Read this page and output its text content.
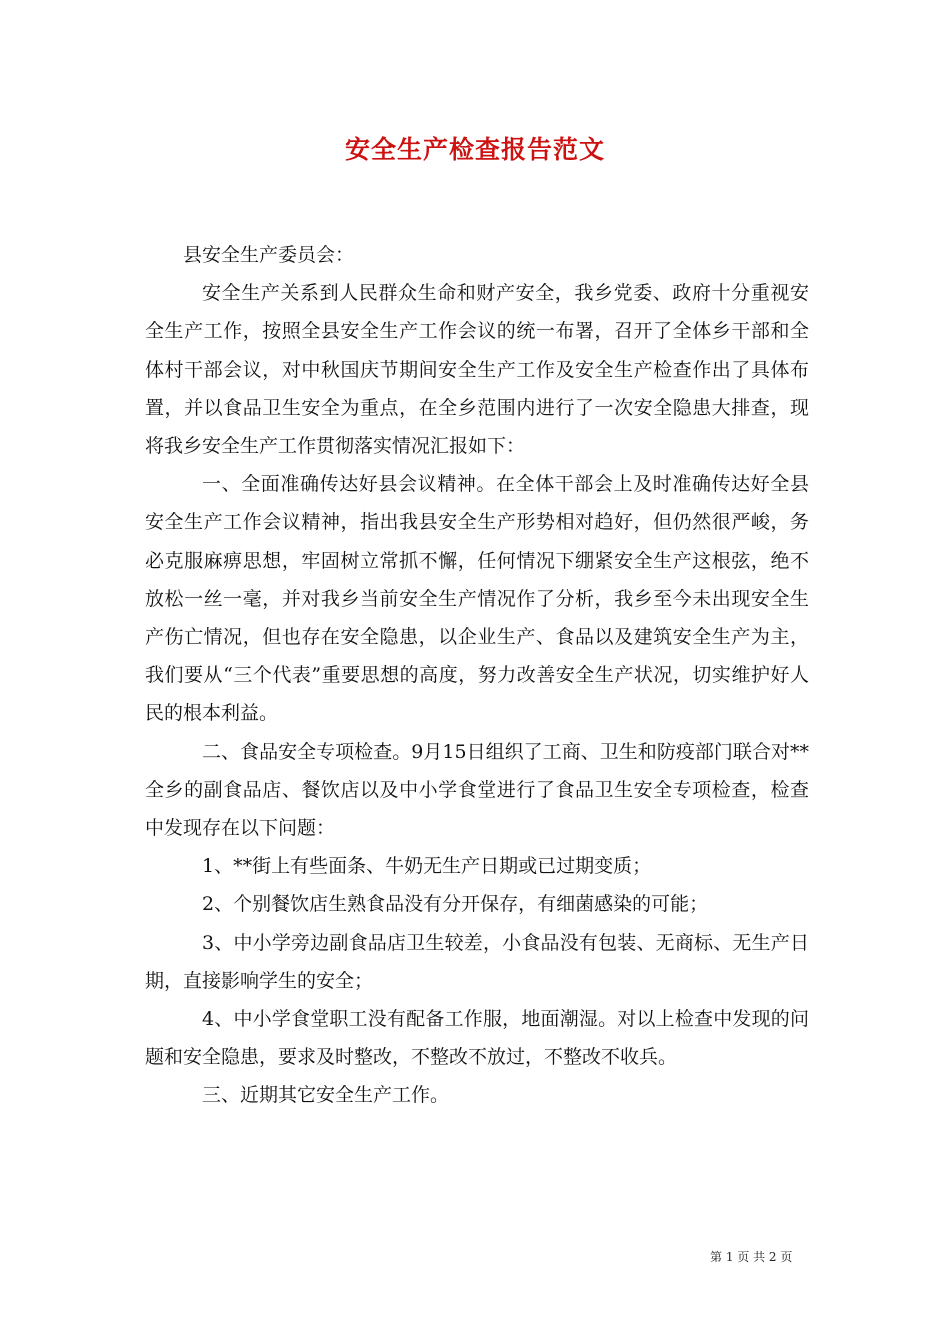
安全生产检查报告范文

县安全生产委员会：

安全生产关系到人民群众生命和财产安全，我乡党委、政府十分重视安全生产工作，按照全县安全生产工作会议的统一布署，召开了全体乡干部和全体村干部会议，对中秋国庆节期间安全生产工作及安全生产检查作出了具体布置，并以食品卫生安全为重点，在全乡范围内进行了一次安全隐患大排查，现将我乡安全生产工作贯彻落实情况汇报如下：

一、全面准确传达好县会议精神。在全体干部会上及时准确传达好全县安全生产工作会议精神，指出我县安全生产形势相对趋好，但仍然很严峻，务必克服麻痹思想，牢固树立常抓不懈，任何情况下绷紧安全生产这根弦，绝不放松一丝一毫，并对我乡当前安全生产情况作了分析，我乡至今未出现安全生产伤亡情况，但也存在安全隐患，以企业生产、食品以及建筑安全生产为主，我们要从“三个代表”重要思想的高度，努力改善安全生产状况，切实维护好人民的根本利益。

二、食品安全专项检查。9月15日组织了工商、卫生和防疫部门联合对**全乡的副食品店、餐饮店以及中小学食堂进行了食品卫生安全专项检查，检查中发现存在以下问题：

1、**街上有些面条、牛奶无生产日期或已过期变质；

2、个别餐饮店生熟食品没有分开保存，有细菌感染的可能；

3、中小学旁边副食品店卫生较差，小食品没有包装、无商标、无生产日期，直接影响学生的安全；

4、中小学食堂职工没有配备工作服，地面潮湿。对以上检查中发现的问题和安全隐患，要求及时整改，不整改不放过，不整改不收兵。

三、近期其它安全生产工作。

第 1 页 共 2 页
